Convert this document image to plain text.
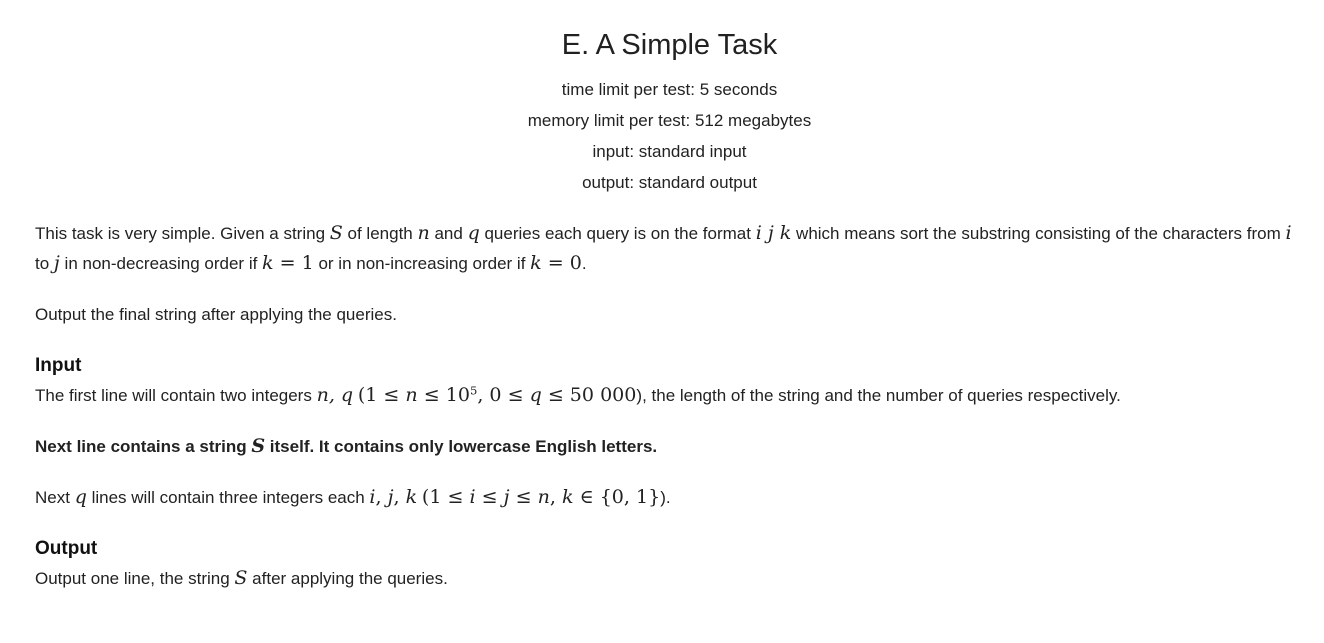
E. A Simple Task
time limit per test: 5 seconds
memory limit per test: 512 megabytes
input: standard input
output: standard output

This task is very simple. Given a string S of length n and q queries each query is on the format i j k which means sort the substring consisting of the characters from i to j in non-decreasing order if k = 1 or in non-increasing order if k = 0.

Output the final string after applying the queries.

Input

The first line will contain two integers n, q ($1 \le n \le 10^5$, 0 ≤ q ≤ 50 000), the length of the string and the number of queries respectively.

Next line contains a string S itself. It contains only lowercase English letters.

Next q lines will contain three integers each i, j, k (1 ≤ i ≤ j ≤ n, k ∈ {0, 1}).

Output

Output one line, the string S after applying the queries.
